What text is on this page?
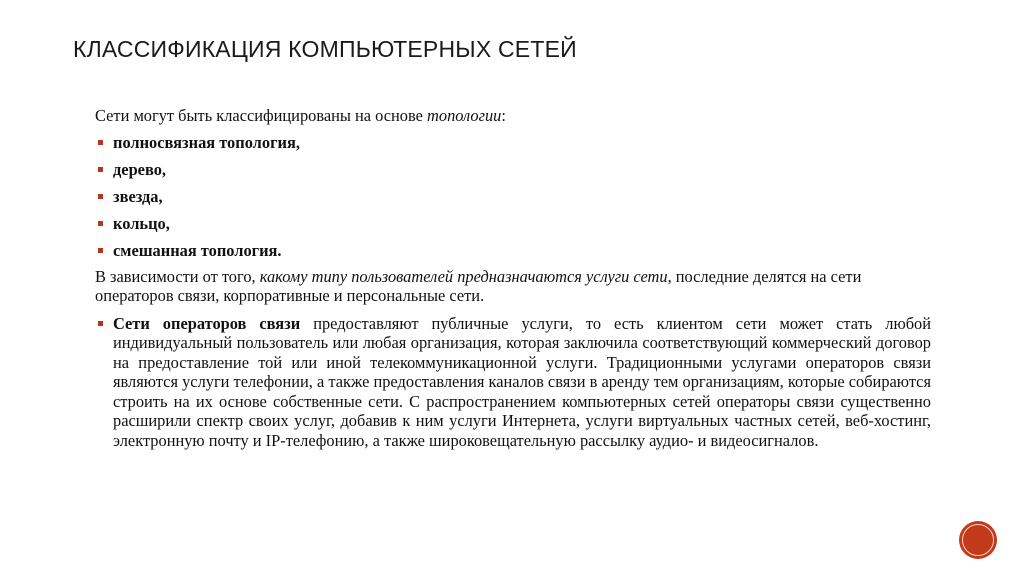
КЛАССИФИКАЦИЯ КОМПЬЮТЕРНЫХ СЕТЕЙ

Сети могут быть классифицированы на основе топологии:

полносвязная топология,
дерево,
звезда,
кольцо,
смешанная топология.

В зависимости от того, какому типу пользователей предназначаются услуги сети, последние делятся на сети операторов связи, корпоративные и персональные сети.

Сети операторов связи предоставляют публичные услуги, то есть клиентом сети может стать любой индивидуальный пользователь или любая организация, которая заключила соответствующий коммерческий договор на предоставление той или иной телекоммуникационной услуги. Традиционными услугами операторов связи являются услуги телефонии, а также предоставления каналов связи в аренду тем организациям, которые собираются строить на их основе собственные сети. С распространением компьютерных сетей операторы связи существенно расширили спектр своих услуг, добавив к ним услуги Интернета, услуги виртуальных частных сетей, веб-хостинг, электронную почту и IP-телефонию, а также широковещательную рассылку аудио- и видеосигналов.
